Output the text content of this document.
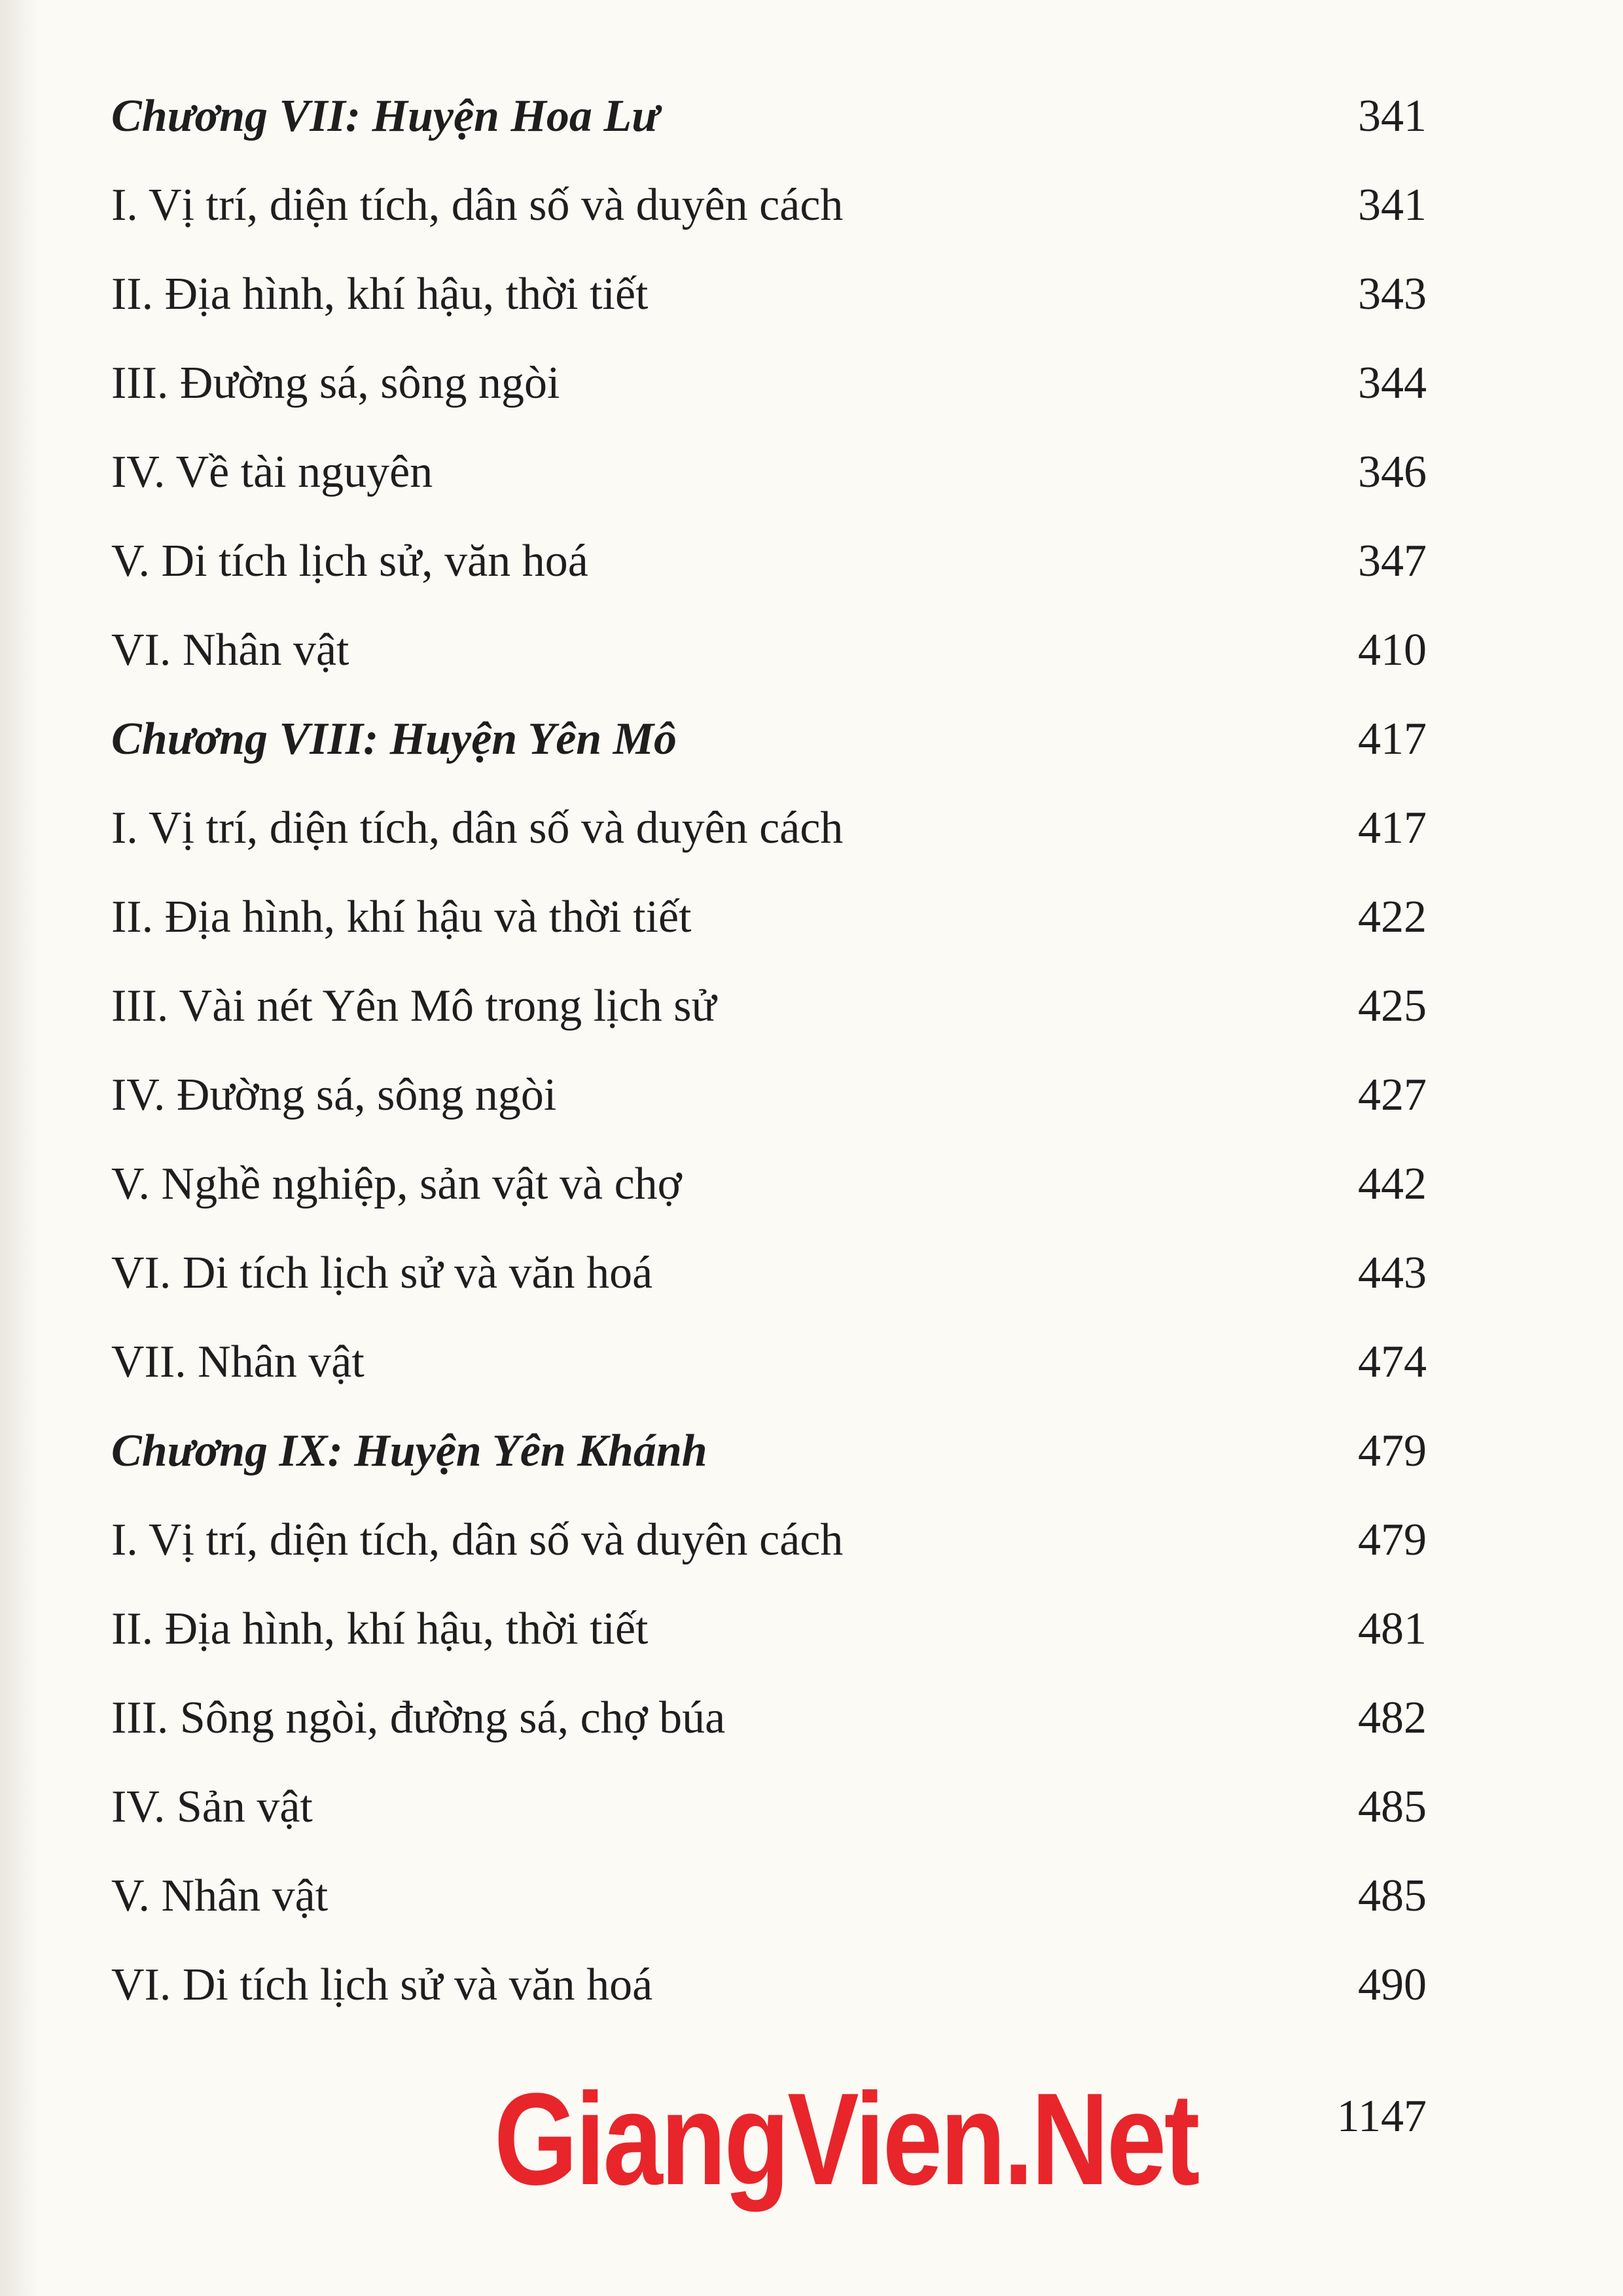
Chương VII: Huyện Hoa Lư	341
I. Vị trí, diện tích, dân số và duyên cách	341
II. Địa hình, khí hậu, thời tiết	343
III. Đường sá, sông ngòi	344
IV. Về tài nguyên	346
V. Di tích lịch sử, văn hoá	347
VI. Nhân vật	410
Chương VIII: Huyện Yên Mô	417
I. Vị trí, diện tích, dân số và duyên cách	417
II. Địa hình, khí hậu và thời tiết	422
III. Vài nét Yên Mô trong lịch sử	425
IV. Đường sá, sông ngòi	427
V. Nghề nghiệp, sản vật và chợ	442
VI. Di tích lịch sử và văn hoá	443
VII. Nhân vật	474
Chương IX: Huyện Yên Khánh	479
I. Vị trí, diện tích, dân số và duyên cách	479
II. Địa hình, khí hậu, thời tiết	481
III. Sông ngòi, đường sá, chợ búa	482
IV. Sản vật	485
V. Nhân vật	485
VI. Di tích lịch sử và văn hoá	490
GiangVien.Net	1147
